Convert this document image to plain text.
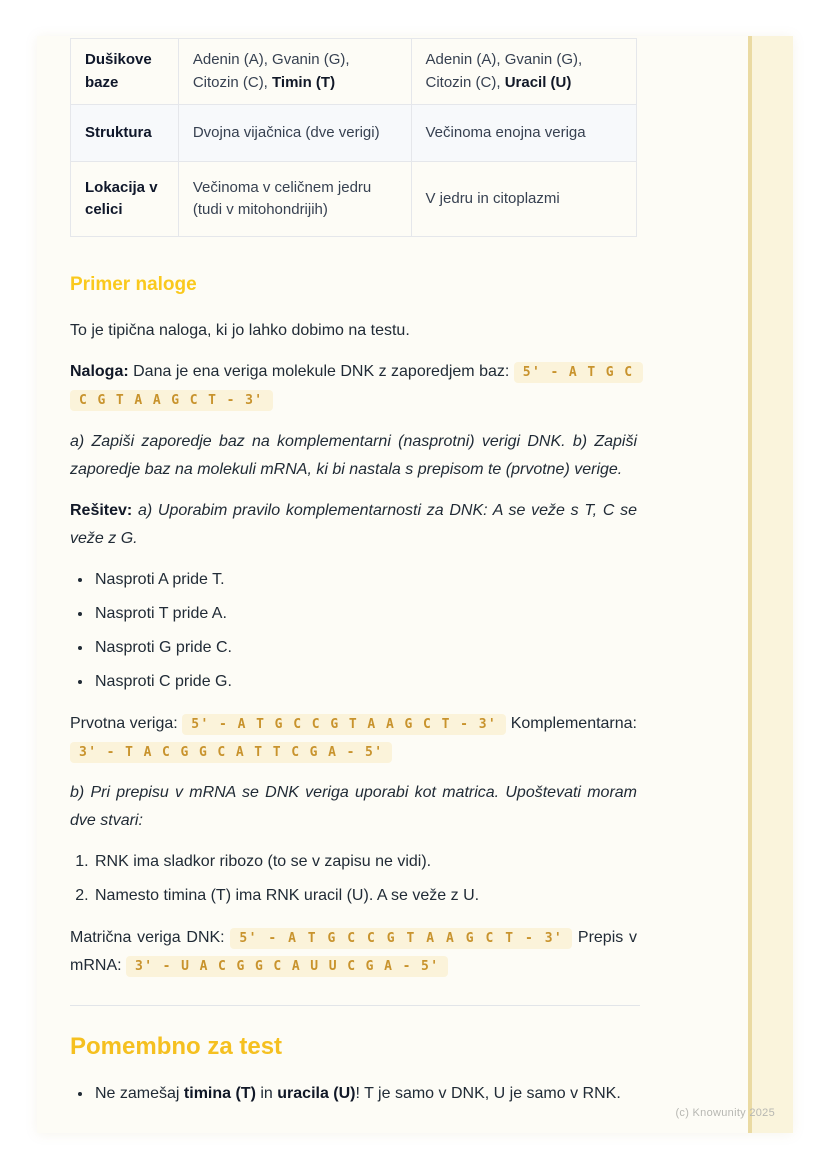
Dušikove baze	Adenin (A), Gvanin (G), Citozin (C), Timin (T)	Adenin (A), Gvanin (G), Citozin (C), Uracil (U)
Struktura	Dvojna vijačnica (dve verigi)	Večinoma enojna veriga
Lokacija v celici	Večinoma v celičnem jedru (tudi v mitohondrijih)	V jedru in citoplazmi
Primer naloge

To je tipična naloga, ki jo lahko dobimo na testu.

Naloga: Dana je ena veriga molekule DNK z zaporedjem baz: 5' - A T G C C G T A A G C T - 3'

a) Zapiši zaporedje baz na komplementarni (nasprotni) verigi DNK. b) Zapiši zaporedje baz na molekuli mRNA, ki bi nastala s prepisom te (prvotne) verige.

Rešitev: a) Uporabim pravilo komplementarnosti za DNK: A se veže s T, C se veže z G.

• Nasproti A pride T.
• Nasproti T pride A.
• Nasproti G pride C.
• Nasproti C pride G.

Prvotna veriga: 5' - A T G C C G T A A G C T - 3' Komplementarna: 3' - T A C G G C A T T C G A - 5'

b) Pri prepisu v mRNA se DNK veriga uporabi kot matrica. Upoštevati moram dve stvari:

1. RNK ima sladkor ribozo (to se v zapisu ne vidi).
2. Namesto timina (T) ima RNK uracil (U). A se veže z U.

Matrična veriga DNK: 5' - A T G C C G T A A G C T - 3' Prepis v mRNA: 3' - U A C G G C A U U C G A - 5'

Pomembno za test
• Ne zamešaj timina (T) in uracila (U)! T je samo v DNK, U je samo v RNK.
(c) Knowunity 2025
